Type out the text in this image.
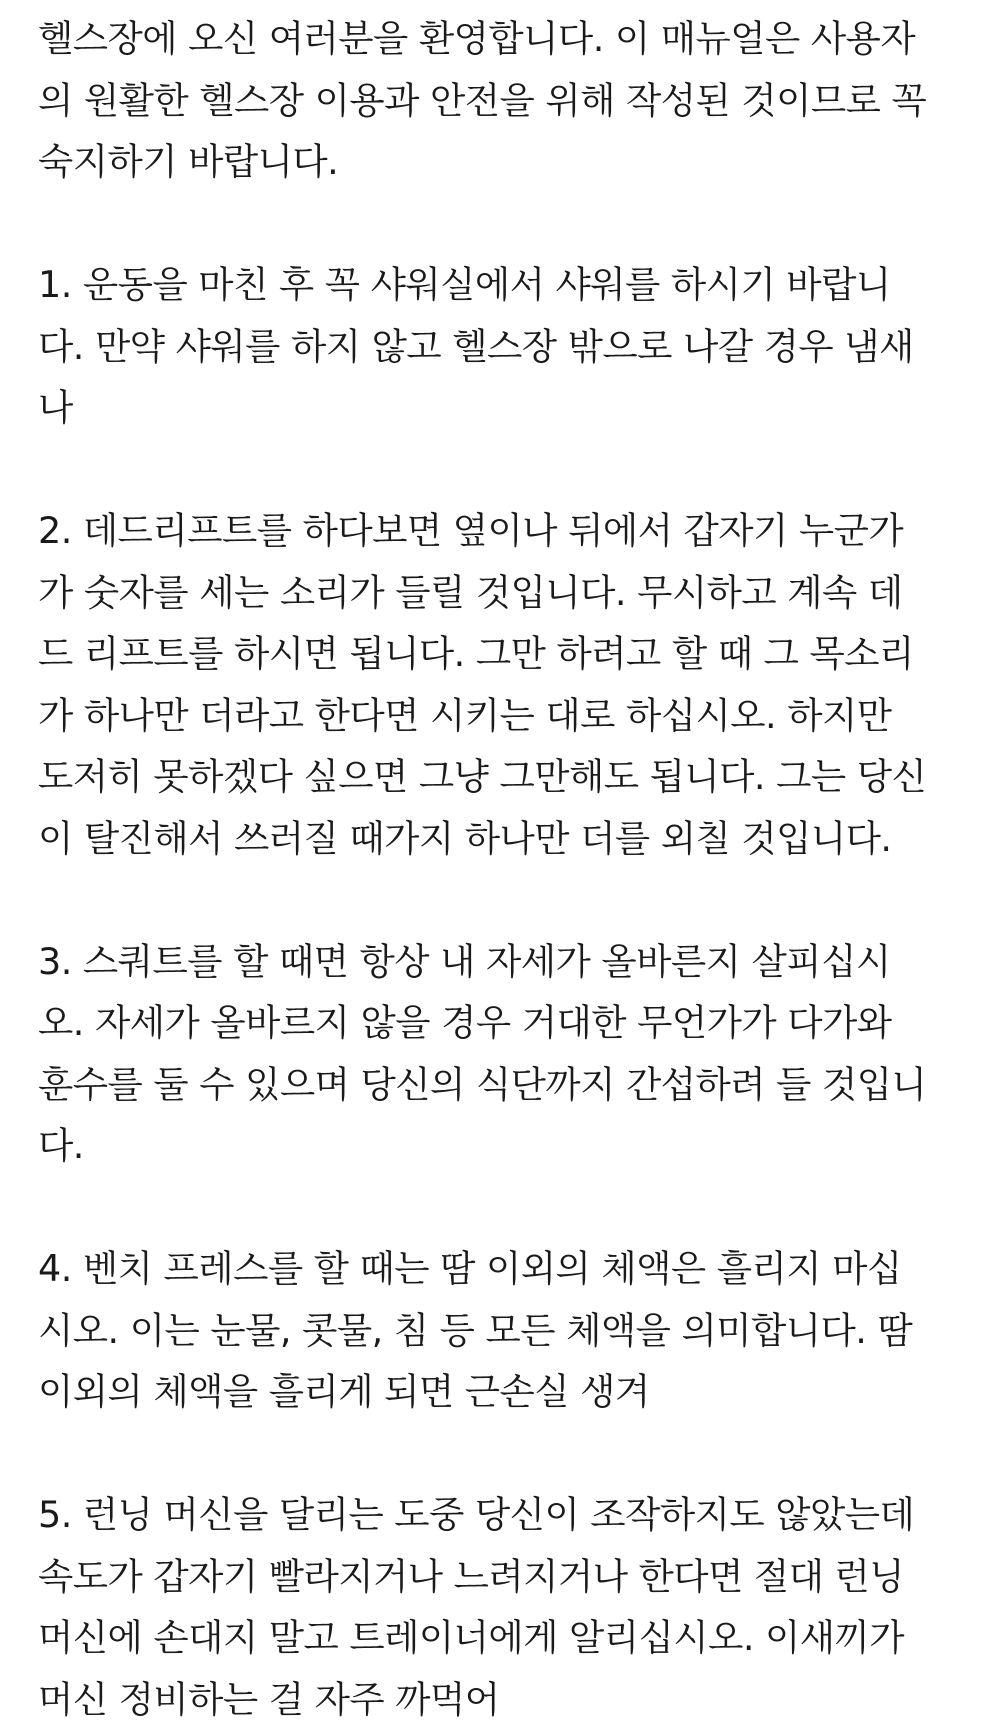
헬스장에 오신 여러분을 환영합니다. 이 매뉴얼은 사용자
의 원활한 헬스장 이용과 안전을 위해 작성된 것이므로 꼭
숙지하기 바랍니다.
1. 운동을 마친 후 꼭 샤워실에서 샤워를 하시기 바랍니
다. 만약 샤워를 하지 않고 헬스장 밖으로 나갈 경우 냄새
나
2. 데드리프트를 하다보면 옆이나 뒤에서 갑자기 누군가
가 숫자를 세는 소리가 들릴 것입니다. 무시하고 계속 데
드 리프트를 하시면 됩니다. 그만 하려고 할 때 그 목소리
가 하나만 더라고 한다면 시키는 대로 하십시오. 하지만
도저히 못하겠다 싶으면 그냥 그만해도 됩니다. 그는 당신
이 탈진해서 쓰러질 때가지 하나만 더를 외칠 것입니다.
3. 스쿼트를 할 때면 항상 내 자세가 올바른지 살피십시
오. 자세가 올바르지 않을 경우 거대한 무언가가 다가와
훈수를 둘 수 있으며 당신의 식단까지 간섭하려 들 것입니
다.
4. 벤치 프레스를 할 때는 땀 이외의 체액은 흘리지 마십
시오. 이는 눈물, 콧물, 침 등 모든 체액을 의미합니다. 땀
이외의 체액을 흘리게 되면 근손실 생겨
5. 런닝 머신을 달리는 도중 당신이 조작하지도 않았는데
속도가 갑자기 빨라지거나 느려지거나 한다면 절대 런닝
머신에 손대지 말고 트레이너에게 알리십시오. 이새끼가
머신 정비하는 걸 자주 까먹어
